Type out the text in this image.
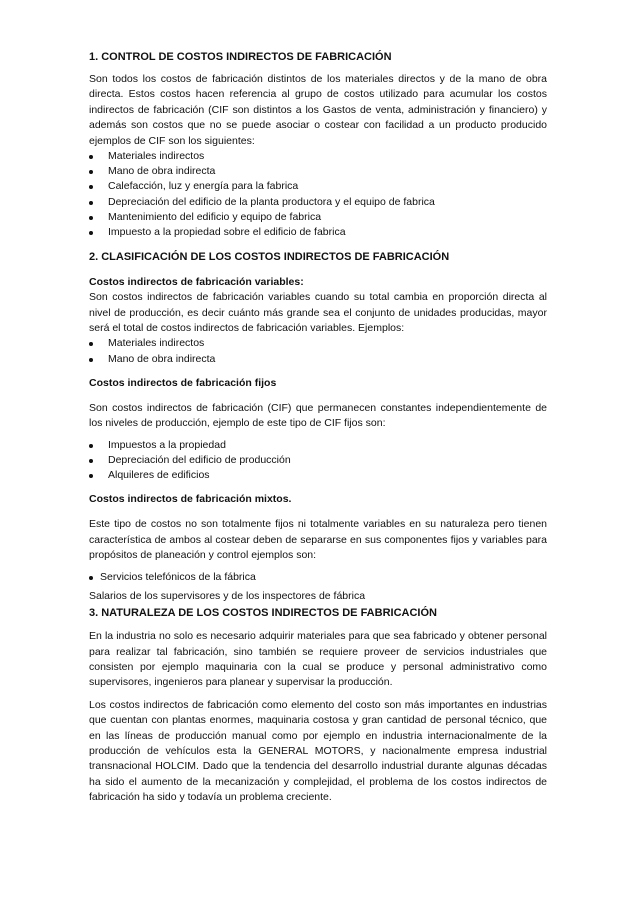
1. CONTROL DE COSTOS INDIRECTOS DE FABRICACIÓN

Son todos los costos de fabricación distintos de los materiales directos y de la mano de obra directa. Estos costos hacen referencia al grupo de costos utilizado para acumular los costos indirectos de fabricación (CIF son distintos a los Gastos de venta, administración y financiero) y además son costos que no se puede asociar o costear con facilidad a un producto producido ejemplos de CIF son los siguientes:

Materiales indirectos
Mano de obra indirecta
Calefacción, luz y energía para la fabrica
Depreciación del edificio de la planta productora y el equipo de fabrica
Mantenimiento del edificio y equipo de fabrica
Impuesto a la propiedad sobre el edificio de fabrica

2. CLASIFICACIÓN DE LOS COSTOS INDIRECTOS DE FABRICACIÓN

Costos indirectos de fabricación variables:

Son costos indirectos de fabricación variables cuando su total cambia en proporción directa al nivel de producción, es decir cuánto más grande sea el conjunto de unidades producidas, mayor será el total de costos indirectos de fabricación variables. Ejemplos:

Materiales indirectos
Mano de obra indirecta

Costos indirectos de fabricación fijos

Son costos indirectos de fabricación (CIF) que permanecen constantes independientemente de los niveles de producción, ejemplo de este tipo de CIF fijos son:

Impuestos a la propiedad
Depreciación del edificio de producción
Alquileres de edificios

Costos indirectos de fabricación mixtos.

Este tipo de costos no son totalmente fijos ni totalmente variables en su naturaleza pero tienen característica de ambos al costear deben de separarse en sus componentes fijos y variables para propósitos de planeación y control ejemplos son:

Servicios telefónicos de la fábrica

Salarios de los supervisores y de los inspectores de fábrica

3. NATURALEZA DE LOS COSTOS INDIRECTOS DE FABRICACIÓN

En la industria no solo es necesario adquirir materiales para que sea fabricado y obtener personal para realizar tal fabricación, sino también se requiere proveer de servicios industriales que consisten por ejemplo maquinaria con la cual se produce y personal administrativo como supervisores, ingenieros para planear y supervisar la producción.

Los costos indirectos de fabricación como elemento del costo son más importantes en industrias que cuentan con plantas enormes, maquinaria costosa y gran cantidad de personal técnico, que en las líneas de producción manual como por ejemplo en industria internacionalmente de la producción de vehículos esta la GENERAL MOTORS, y nacionalmente empresa industrial transnacional HOLCIM. Dado que la tendencia del desarrollo industrial durante algunas décadas ha sido el aumento de la mecanización y complejidad, el problema de los costos indirectos de fabricación ha sido y todavía un problema creciente.
